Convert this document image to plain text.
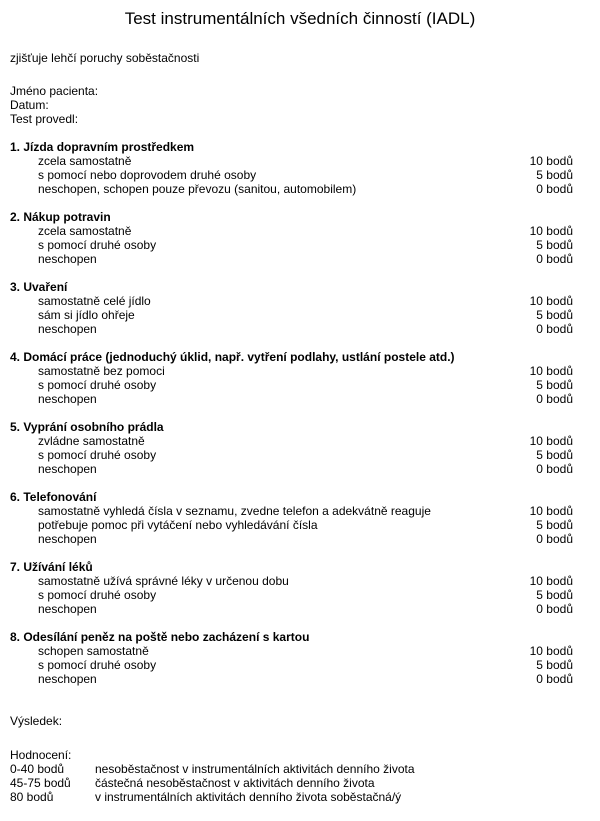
Test instrumentálních všedních činností (IADL)
zjišťuje lehčí poruchy soběstačnosti
Jméno pacienta:
Datum:
Test provedl:
1. Jízda dopravním prostředkem
zcela samostatně	10 bodů
s pomocí nebo doprovodem druhé osoby	5 bodů
neschopen, schopen pouze převozu (sanitou, automobilem)	0 bodů
2. Nákup potravin
zcela samostatně	10 bodů
s pomocí druhé osoby	5 bodů
neschopen	0 bodů
3. Uvaření
samostatně celé jídlo	10 bodů
sám si jídlo ohřeje	5 bodů
neschopen	0 bodů
4. Domácí práce (jednoduchý úklid, např. vytření podlahy, ustlání postele atd.)
samostatně bez pomoci	10 bodů
s pomocí druhé osoby	5 bodů
neschopen	0 bodů
5. Vyprání osobního prádla
zvládne samostatně	10 bodů
s pomocí druhé osoby	5 bodů
neschopen	0 bodů
6. Telefonování
samostatně vyhledá čísla v seznamu, zvedne telefon a adekvátně reaguje	10 bodů
potřebuje pomoc při vytáčení nebo vyhledávání čísla	5 bodů
neschopen	0 bodů
7. Užívání léků
samostatně užívá správné léky v určenou dobu	10 bodů
s pomocí druhé osoby	5 bodů
neschopen	0 bodů
8. Odesílání peněz na poště nebo zacházení s kartou
schopen samostatně	10 bodů
s pomocí druhé osoby	5 bodů
neschopen	0 bodů
Výsledek:
Hodnocení:
0-40 bodů	nesoběstačnost v instrumentálních aktivitách denního života
45-75 bodů	částečná nesoběstačnost v aktivitách denního života
80 bodů	v instrumentálních aktivitách denního života soběstačná/ý
